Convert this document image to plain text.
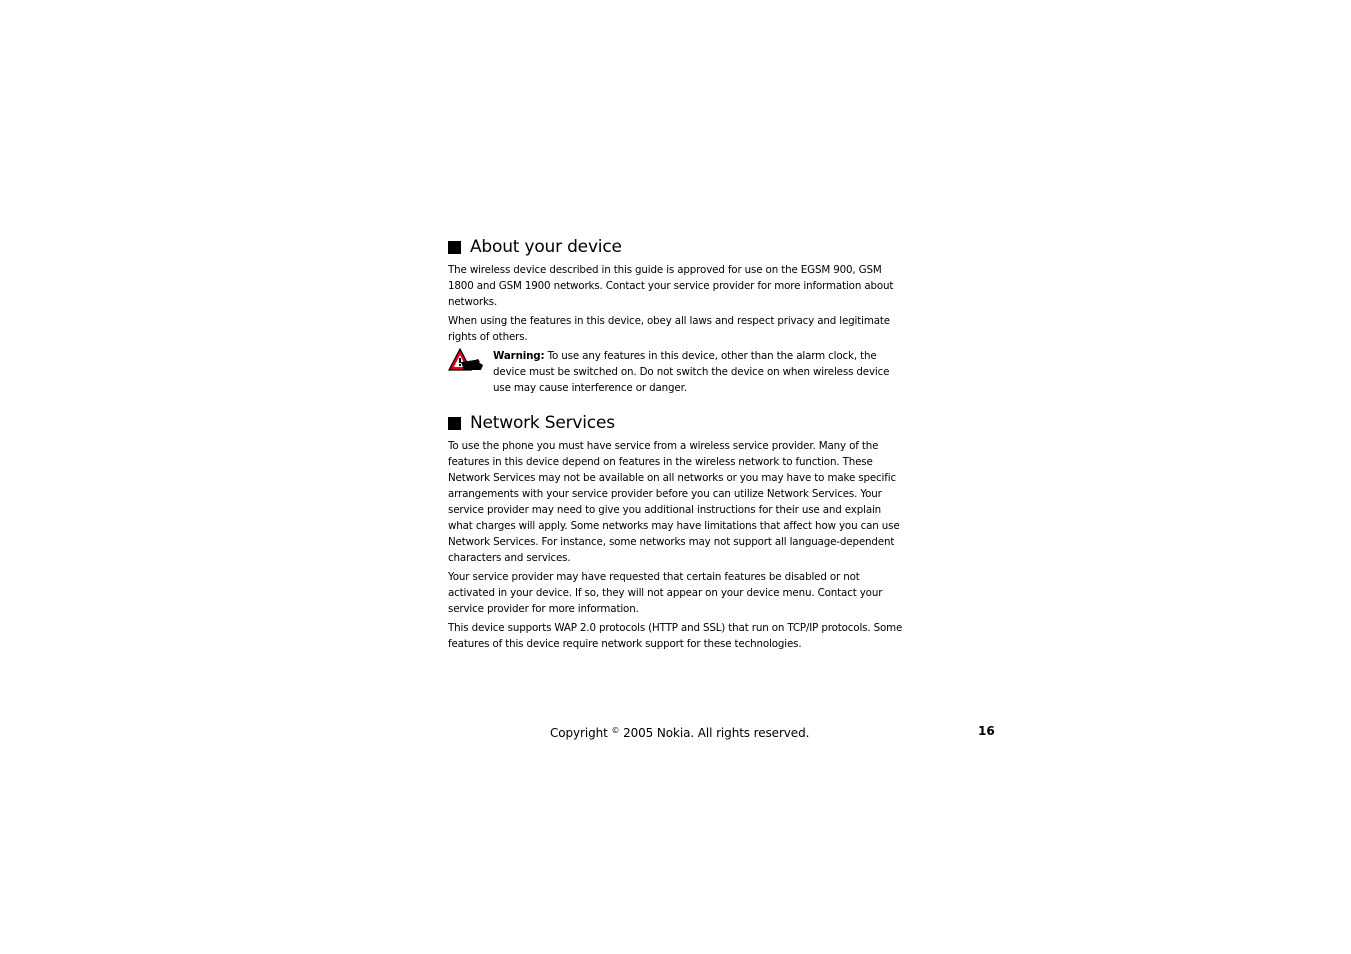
About your device

The wireless device described in this guide is approved for use on the EGSM 900, GSM 1800 and GSM 1900 networks. Contact your service provider for more information about networks.

When using the features in this device, obey all laws and respect privacy and legitimate rights of others.

Warning: To use any features in this device, other than the alarm clock, the device must be switched on. Do not switch the device on when wireless device use may cause interference or danger.
Network Services

To use the phone you must have service from a wireless service provider. Many of the features in this device depend on features in the wireless network to function. These Network Services may not be available on all networks or you may have to make specific arrangements with your service provider before you can utilize Network Services. Your service provider may need to give you additional instructions for their use and explain what charges will apply. Some networks may have limitations that affect how you can use Network Services. For instance, some networks may not support all language-dependent characters and services.

Your service provider may have requested that certain features be disabled or not activated in your device. If so, they will not appear on your device menu. Contact your service provider for more information.

This device supports WAP 2.0 protocols (HTTP and SSL) that run on TCP/IP protocols. Some features of this device require network support for these technologies.

Copyright © 2005 Nokia. All rights reserved.	16
